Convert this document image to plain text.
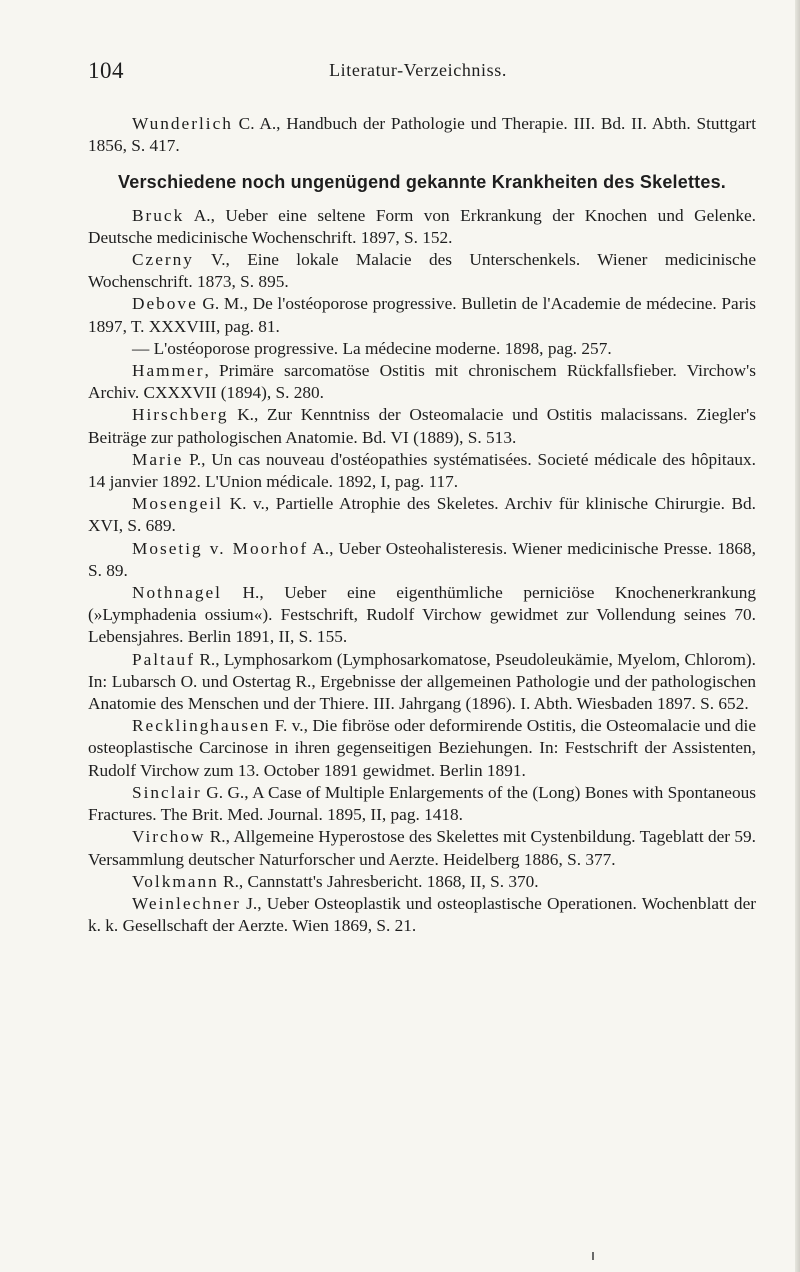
104	Literatur-Verzeichniss.

Wunderlich C. A., Handbuch der Pathologie und Therapie. III. Bd. II. Abth. Stuttgart 1856, S. 417.

Verschiedene noch ungenügend gekannte Krankheiten des Skelettes.

Bruck A., Ueber eine seltene Form von Erkrankung der Knochen und Gelenke. Deutsche medicinische Wochenschrift. 1897, S. 152.

Czerny V., Eine lokale Malacie des Unterschenkels. Wiener medicinische Wochenschrift. 1873, S. 895.

Debove G. M., De l'ostéoporose progressive. Bulletin de l'Academie de médecine. Paris 1897, T. XXXVIII, pag. 81.

— L'ostéoporose progressive. La médecine moderne. 1898, pag. 257.

Hammer, Primäre sarcomatöse Ostitis mit chronischem Rückfallsfieber. Virchow's Archiv. CXXXVII (1894), S. 280.

Hirschberg K., Zur Kenntniss der Osteomalacie und Ostitis malacissans. Ziegler's Beiträge zur pathologischen Anatomie. Bd. VI (1889), S. 513.

Marie P., Un cas nouveau d'ostéopathies systématisées. Societé médicale des hôpitaux. 14 janvier 1892. L'Union médicale. 1892, I, pag. 117.

Mosengeil K. v., Partielle Atrophie des Skeletes. Archiv für klinische Chirurgie. Bd. XVI, S. 689.

Mosetig v. Moorhof A., Ueber Osteohalisteresis. Wiener medicinische Presse. 1868, S. 89.

Nothnagel H., Ueber eine eigenthümliche perniciöse Knochenerkrankung (»Lymphadenia ossium«). Festschrift, Rudolf Virchow gewidmet zur Vollendung seines 70. Lebensjahres. Berlin 1891, II, S. 155.

Paltauf R., Lymphosarkom (Lymphosarkomatose, Pseudoleukämie, Myelom, Chlorom). In: Lubarsch O. und Ostertag R., Ergebnisse der allgemeinen Pathologie und der pathologischen Anatomie des Menschen und der Thiere. III. Jahrgang (1896). I. Abth. Wiesbaden 1897. S. 652.

Recklinghausen F. v., Die fibröse oder deformirende Ostitis, die Osteomalacie und die osteoplastische Carcinose in ihren gegenseitigen Beziehungen. In: Festschrift der Assistenten, Rudolf Virchow zum 13. October 1891 gewidmet. Berlin 1891.

Sinclair G. G., A Case of Multiple Enlargements of the (Long) Bones with Spontaneous Fractures. The Brit. Med. Journal. 1895, II, pag. 1418.

Virchow R., Allgemeine Hyperostose des Skelettes mit Cystenbildung. Tageblatt der 59. Versammlung deutscher Naturforscher und Aerzte. Heidelberg 1886, S. 377.

Volkmann R., Cannstatt's Jahresbericht. 1868, II, S. 370.

Weinlechner J., Ueber Osteoplastik und osteoplastische Operationen. Wochenblatt der k. k. Gesellschaft der Aerzte. Wien 1869, S. 21.
